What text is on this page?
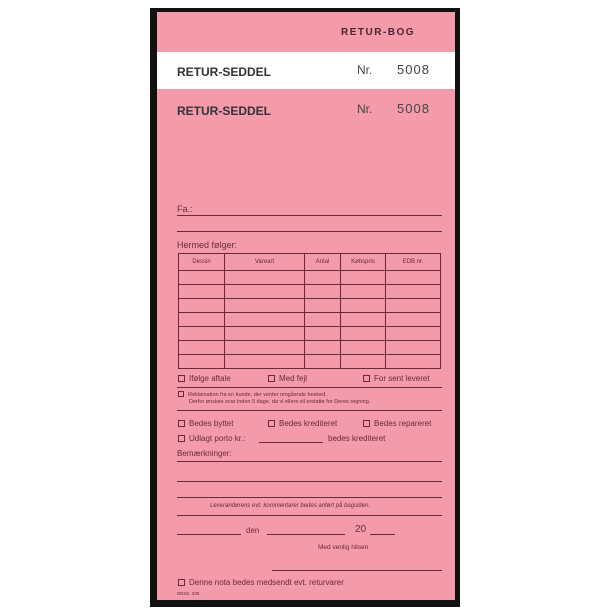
RETUR-BOG
RETUR-SEDDEL	Nr. 5008
RETUR-SEDDEL	Nr. 5008
Fa.:
Hermed følger:
Dessin	Vareart	Antal	Købspris	EDB nr.

Ifølge aftale	Med fejl	For sent leveret
Reklamation fra en kunde, der venter omgående besked.
Derfor ønskes svar inden 5 dage, da vi ellers vil erstatte for Deres regning.
Bedes byttet	Bedes krediteret	Bedes repareret
Udlagt porto kr.:	bedes krediteret
Bemærkninger:
Leverandørens evt. kommentarer bedes anført på bagsiden.
den	20
Med venlig hilsen
Denne nota bedes medsendt evt. returvarer
DESS. 335
